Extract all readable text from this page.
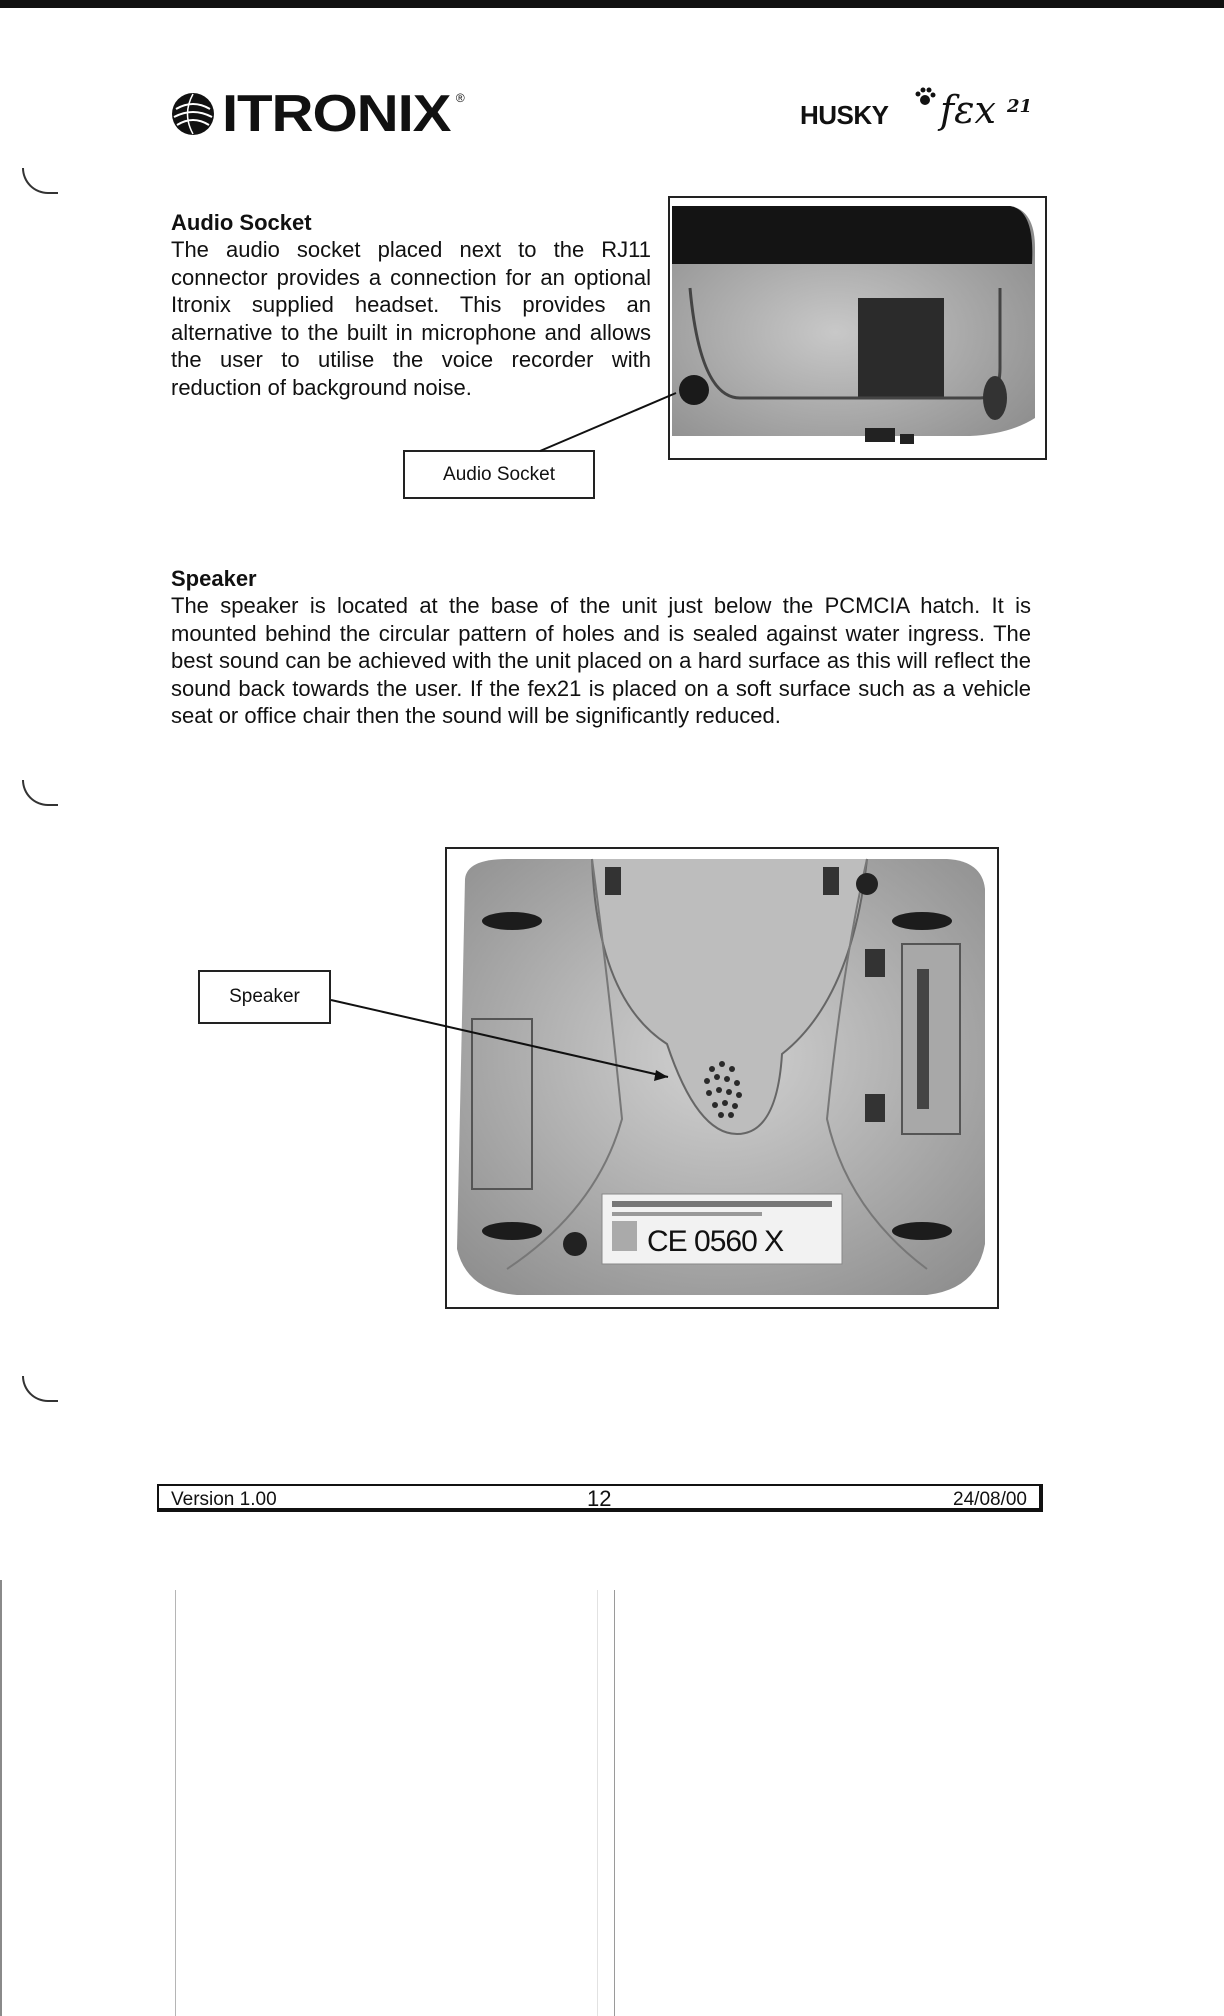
ITRONIX ®
HUSKY fεx 21
Audio Socket

The audio socket placed next to the RJ11 connector provides a connection for an optional Itronix supplied headset. This provides an alternative to the built in microphone and allows the user to utilise the voice recorder with reduction of background noise.

Audio Socket
Speaker

The speaker is located at the base of the unit just below the PCMCIA hatch. It is mounted behind the circular pattern of holes and is sealed against water ingress. The best sound can be achieved with the unit placed on a hard surface as this will reflect the sound back towards the user. If the fex21 is placed on a soft surface such as a vehicle seat or office chair then the sound will be significantly reduced.

CE 0560 X
Speaker
Version 1.00	12	24/08/00
